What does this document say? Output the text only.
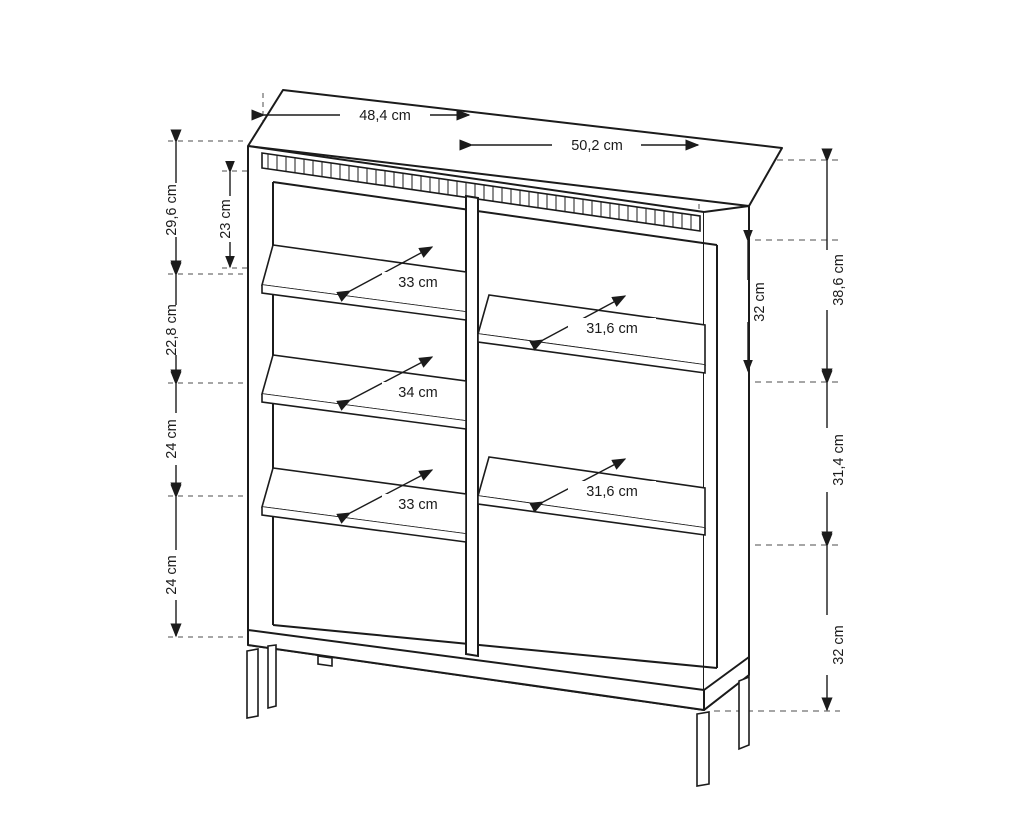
48,4 cm
50,2 cm
29,6 cm
22,8 cm
24 cm
24 cm
23 cm
32 cm	38,6 cm
31,4 cm
32 cm
33 cm
34 cm
33 cm
31,6 cm
31,6 cm
